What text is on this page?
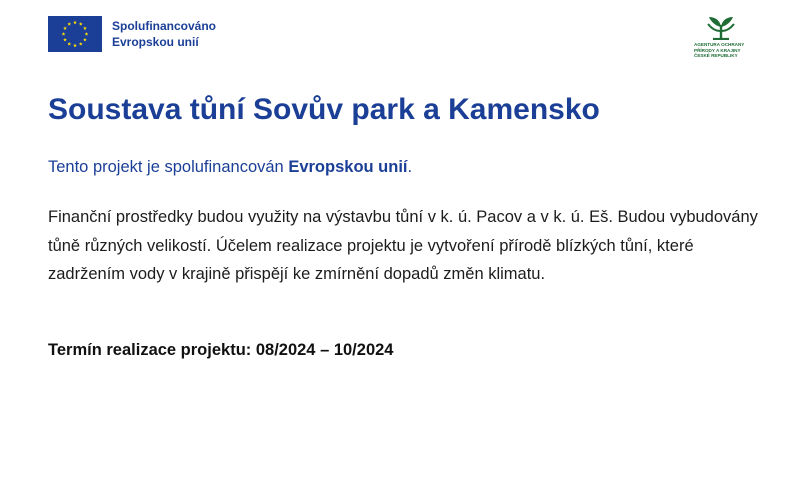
Spolufinancováno
Evropskou unií	AGENTURA OCHRANY
PŘÍRODY A KRAJINY
ČESKÉ REPUBLIKY
Soustava tůní Sovův park a Kamensko

Tento projekt je spolufinancován Evropskou unií.

Finanční prostředky budou využity na výstavbu tůní v k. ú. Pacov a v k. ú. Eš. Budou vybudovány tůně různých velikostí. Účelem realizace projektu je vytvoření přírodě blízkých tůní, které zadržením vody v krajině přispějí ke zmírnění dopadů změn klimatu.

Termín realizace projektu: 08/2024 – 10/2024
